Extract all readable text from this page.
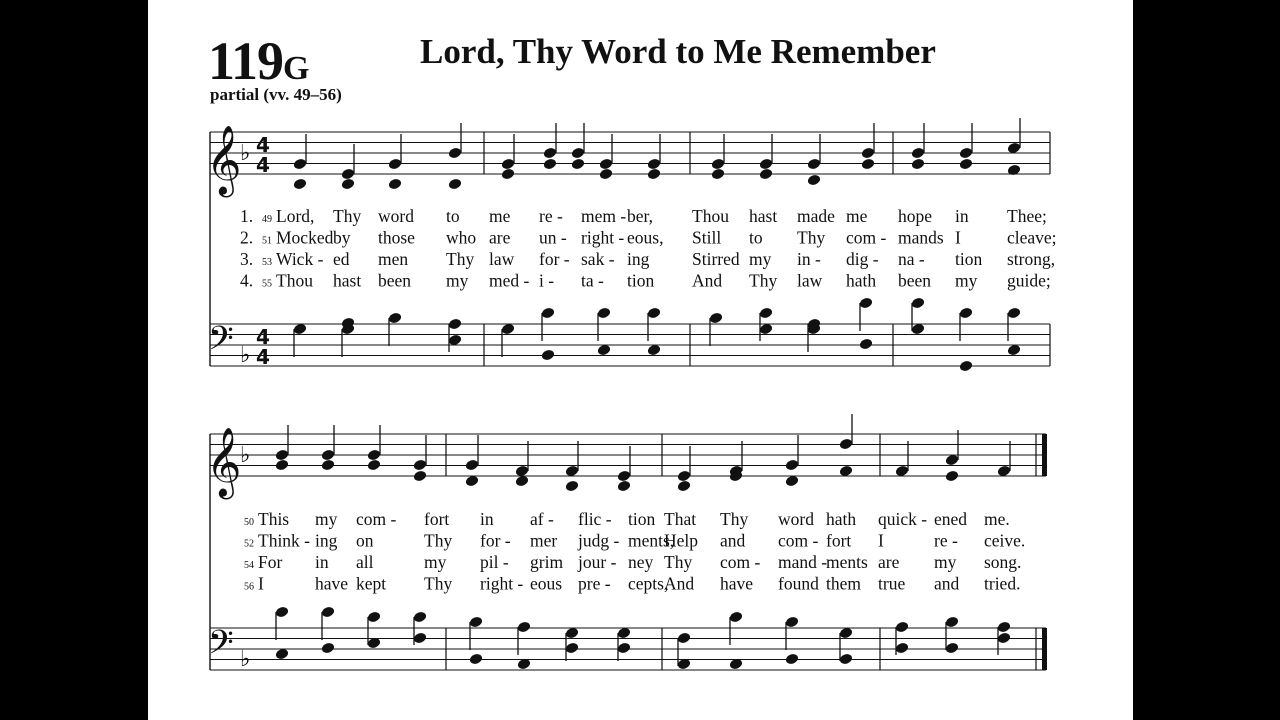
119G	Lord, Thy Word to Me Remember
partial (vv. 49–56)
𝄞
𝄢
♭
♭
4
4
4
4
𝄞
𝄢
♭
♭
1. 49 Lord, Thy word to me re - mem - ber, Thou hast made me hope in Thee;
2. 51 Mocked by those who are un - right - eous, Still to Thy com - mands I	cleave;
3. 53 Wick - ed men Thy law for - sak - ing Stirred my in - dig - na - tion strong,
4. 55 Thou hast been my med - i - ta - tion And Thy law hath been my guide;
50 This my com - fort in af - flic - tion That Thy word hath quick - ened me.
52 Think - ing on	Thy for - mer judg - ments,
Help and com - fort I	re - ceive.
54 For in all	my pil - grim jour - ney Thy com - mand -
ments are my song.
56 I	have kept Thy right - eous pre - cepts,
And have found them true and tried.
